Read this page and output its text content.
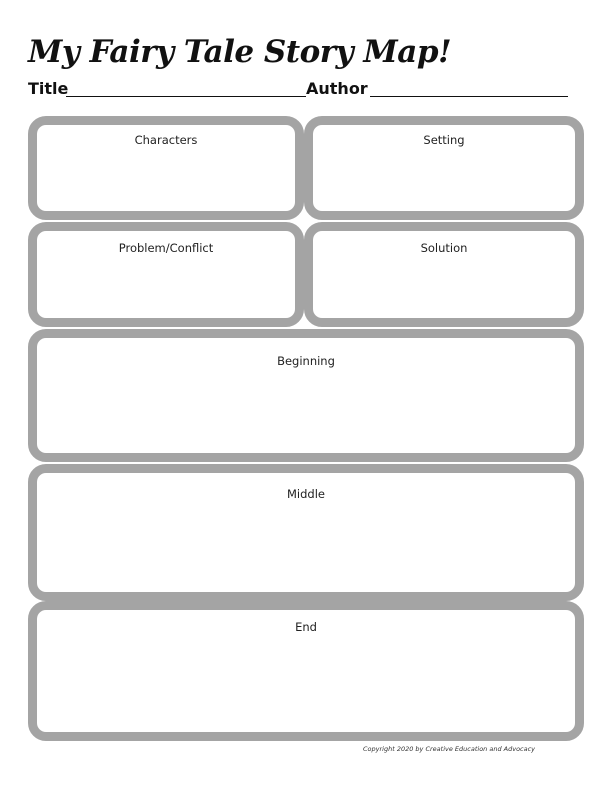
My Fairy Tale Story Map!
Title	Author
Characters	Setting
Problem/Conflict	Solution
Beginning
Middle
End
Copyright 2020 by Creative Education and Advocacy
